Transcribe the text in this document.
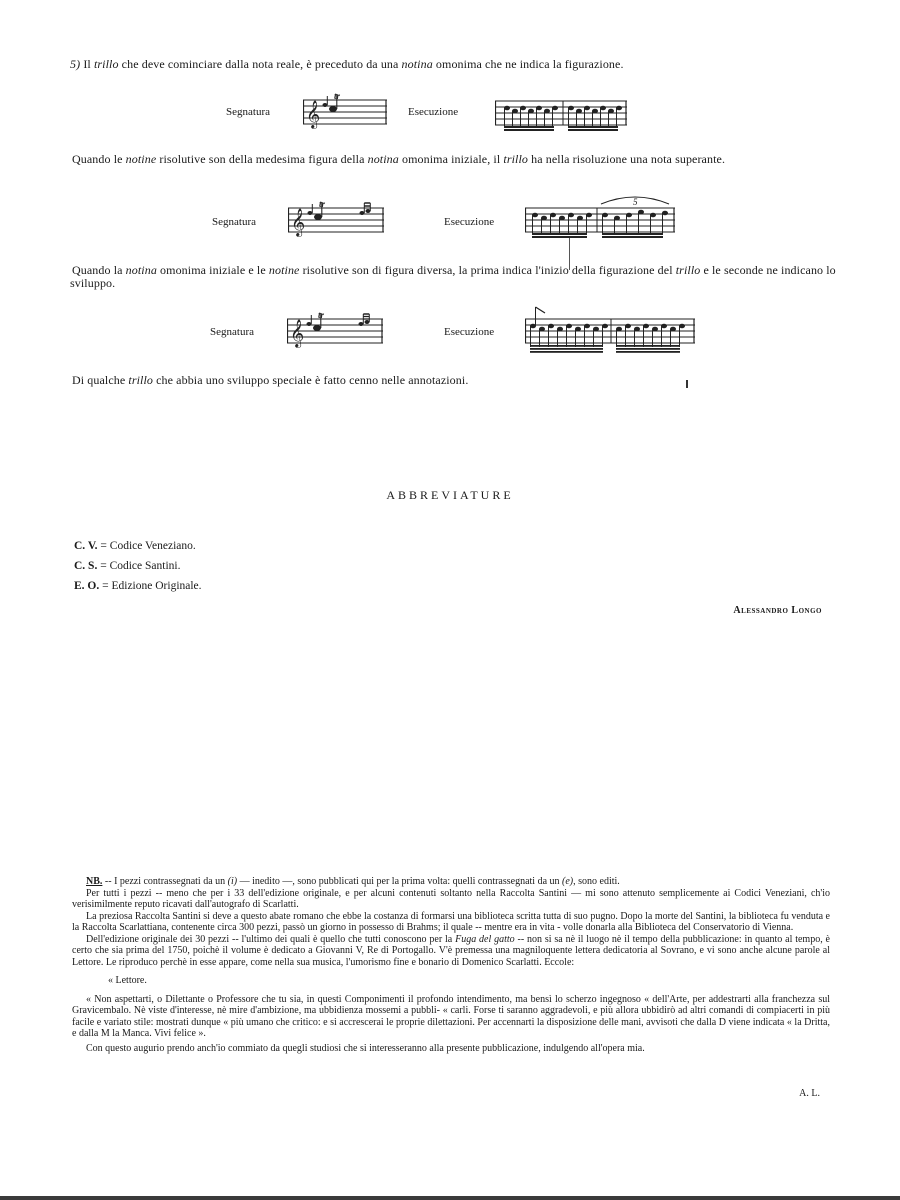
5) Il trillo che deve cominciare dalla nota reale, è preceduto da una notina omonima che ne indica la figurazione.
Segnatura 𝄞
tr
Esecuzione
Quando le notine risolutive son della medesima figura della notina omonima iniziale, il trillo ha nella risoluzione una nota superante.
Segnatura 𝄞
tr
Esecuzione
5
Quando la notina omonima iniziale e le notine risolutive son di figura diversa, la prima indica l'inizio della figurazione del trillo e le seconde ne indicano lo sviluppo.
Segnatura 𝄞
tr
Esecuzione
Di qualche trillo che abbia uno sviluppo speciale è fatto cenno nelle annotazioni.
ABBREVIATURE
C. V. = Codice Veneziano.
C. S. = Codice Santini.
E. O. = Edizione Originale.
Alessandro Longo

NB. -- I pezzi contrassegnati da un (i) — inedito —, sono pubblicati qui per la prima volta: quelli contrassegnati da un (e), sono editi.

Per tutti i pezzi -- meno che per i 33 dell'edizione originale, e per alcuni contenuti soltanto nella Raccolta Santini — mi sono attenuto semplicemente ai Codici Veneziani, ch'io verisimilmente reputo ricavati dall'autografo di Scarlatti.

La preziosa Raccolta Santini si deve a questo abate romano che ebbe la costanza di formarsi una biblioteca scritta tutta di suo pugno. Dopo la morte del Santini, la biblioteca fu venduta e la Raccolta Scarlattiana, contenente circa 300 pezzi, passò un giorno in possesso di Brahms; il quale -- mentre era in vita - volle donarla alla Biblioteca del Conservatorio di Vienna.

Dell'edizione originale dei 30 pezzi -- l'ultimo dei quali è quello che tutti conoscono per la Fuga del gatto -- non si sa nè il luogo nè il tempo della pubblicazione: in quanto al tempo, è certo che sia prima del 1750, poichè il volume è dedicato a Giovanni V, Re di Portogallo. V'è premessa una magniloquente lettera dedicatoria al Sovrano, e vi sono anche alcune parole al Lettore. Le riproduco perchè in esse appare, come nella sua musica, l'umorismo fine e bonario di Domenico Scarlatti. Eccole:

« Lettore.

« Non aspettarti, o Dilettante o Professore che tu sia, in questi Componimenti il profondo intendimento, ma bensì lo scherzo ingegnoso « dell'Arte, per addestrarti alla franchezza sul Gravicembalo. Nè viste d'interesse, nè mire d'ambizione, ma ubbidienza mossemi a pubbli- « carli. Forse ti saranno aggradevoli, e più allora ubbidirò ad altri comandi di compiacerti in più facile e variato stile: mostrati dunque « più umano che critico: e si accrescerai le proprie dilettazioni. Per accennarti la disposizione delle mani, avvisoti che dalla D viene indicata « la Dritta, e dalla M la Manca. Vivi felice ».

Con questo augurio prendo anch'io commiato da quegli studiosi che si interesseranno alla presente pubblicazione, indulgendo all'opera mia.

A. L.
